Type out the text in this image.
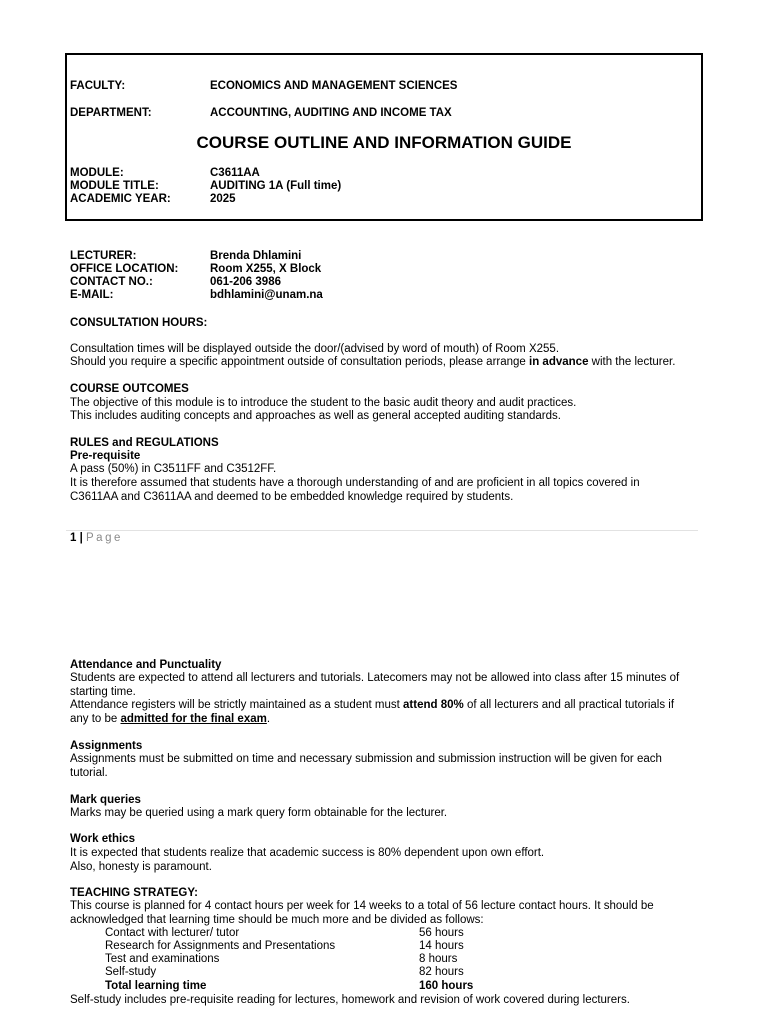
FACULTY:	ECONOMICS AND MANAGEMENT SCIENCES
DEPARTMENT:	ACCOUNTING, AUDITING AND INCOME TAX
COURSE OUTLINE AND INFORMATION GUIDE
MODULE:	C3611AA
MODULE TITLE:	AUDITING 1A (Full time)
ACADEMIC YEAR:	2025
LECTURER:	Brenda Dhlamini
OFFICE LOCATION:	Room X255, X Block
CONTACT NO.:	061-206 3986
E-MAIL:	bdhlamini@unam.na
CONSULTATION HOURS:
Consultation times will be displayed outside the door/(advised by word of mouth) of Room X255.
Should you require a specific appointment outside of consultation periods, please arrange in advance with the lecturer.
COURSE OUTCOMES
The objective of this module is to introduce the student to the basic audit theory and audit practices.
This includes auditing concepts and approaches as well as general accepted auditing standards.
RULES and REGULATIONS
Pre-requisite
A pass (50%) in C3511FF and C3512FF.
It is therefore assumed that students have a thorough understanding of and are proficient in all topics covered in
C3611AA and C3611AA and deemed to be embedded knowledge required by students.
1 | Page
Attendance and Punctuality
Students are expected to attend all lecturers and tutorials. Latecomers may not be allowed into class after 15 minutes of
starting time.
Attendance registers will be strictly maintained as a student must attend 80% of all lecturers and all practical tutorials if
any to be admitted for the final exam.
Assignments
Assignments must be submitted on time and necessary submission and submission instruction will be given for each
tutorial.
Mark queries
Marks may be queried using a mark query form obtainable for the lecturer.
Work ethics
It is expected that students realize that academic success is 80% dependent upon own effort.
Also, honesty is paramount.
TEACHING STRATEGY:
This course is planned for 4 contact hours per week for 14 weeks to a total of 56 lecture contact hours. It should be
acknowledged that learning time should be much more and be divided as follows:
Contact with lecturer/ tutor	56 hours
Research for Assignments and Presentations	14 hours
Test and examinations	8 hours
Self-study	82 hours
Total learning time	160 hours
Self-study includes pre-requisite reading for lectures, homework and revision of work covered during lecturers.
